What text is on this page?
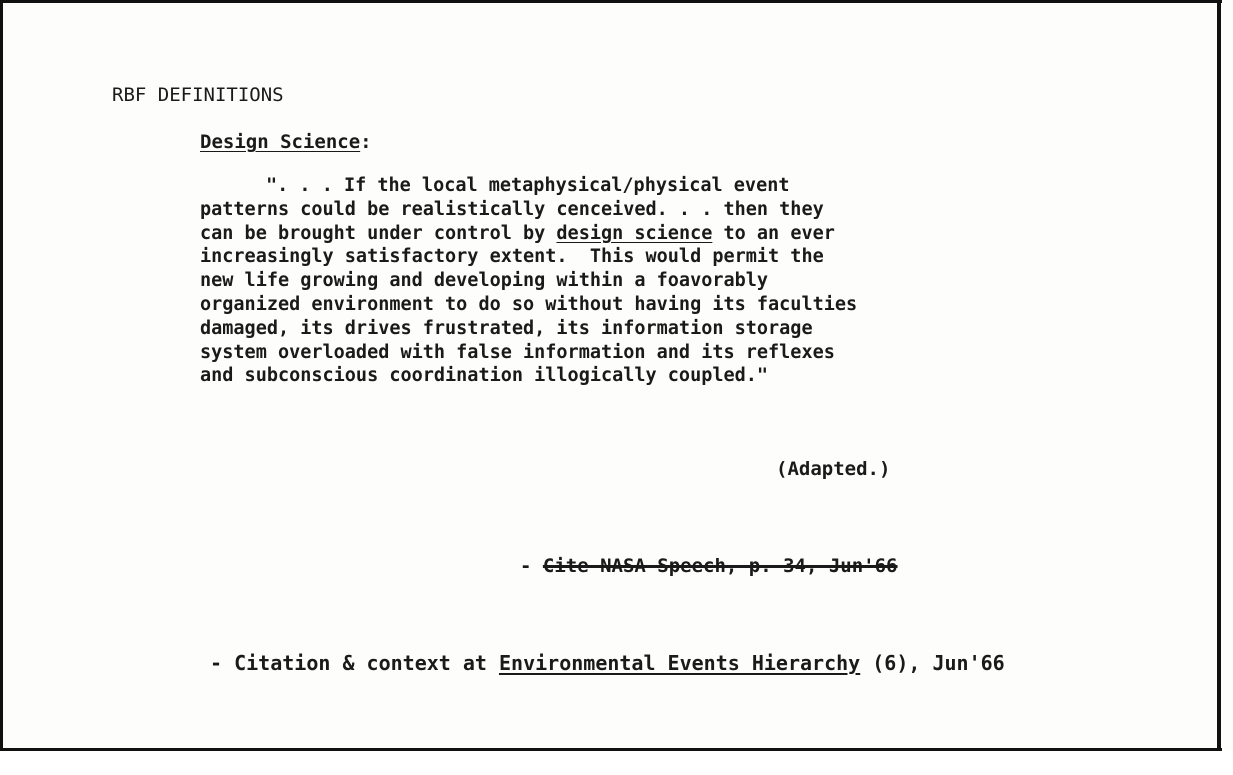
RBF DEFINITIONS
Design Science:
". . . If the local metaphysical/physical event
patterns could be realistically cenceived. . . then they
can be brought under control by design science to an ever
increasingly satisfactory extent.  This would permit the
new life growing and developing within a foavorably
organized environment to do so without having its faculties
damaged, its drives frustrated, its information storage
system overloaded with false information and its reflexes
and subconscious coordination illogically coupled."
(Adapted.)
- Cite NASA Speech, p. 34, Jun'66
- Citation & context at Environmental Events Hierarchy (6), Jun'66
